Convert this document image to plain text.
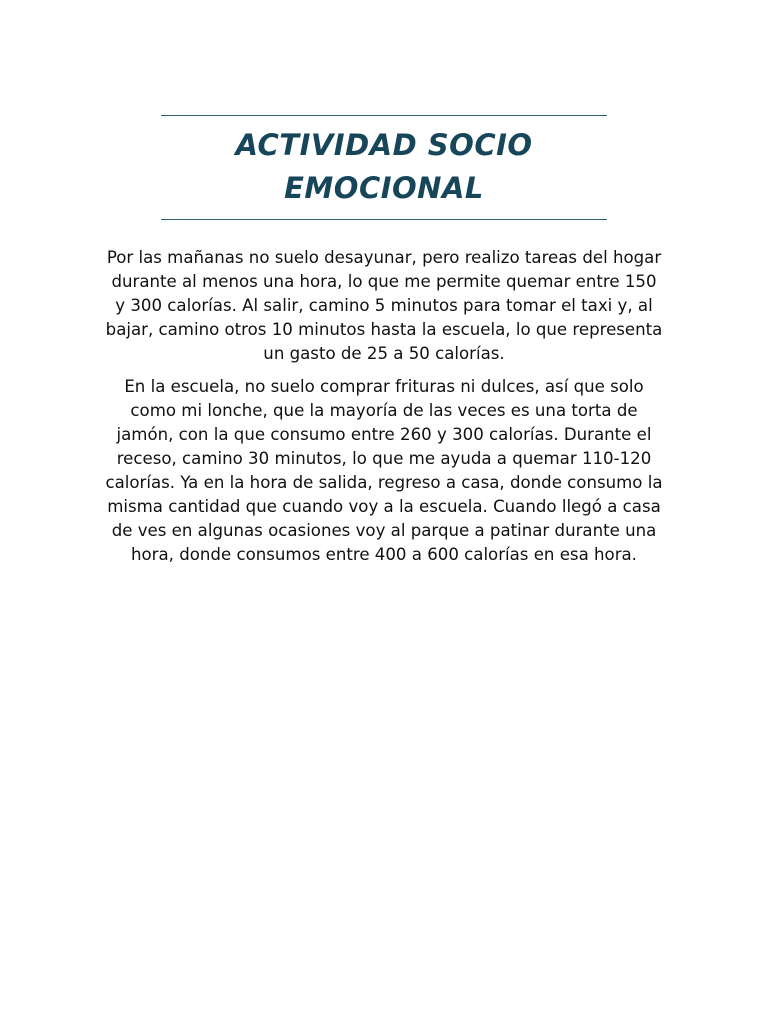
ACTIVIDAD SOCIO
EMOCIONAL

Por las mañanas no suelo desayunar, pero realizo tareas del hogar durante al menos una hora, lo que me permite quemar entre 150 y 300 calorías. Al salir, camino 5 minutos para tomar el taxi y, al bajar, camino otros 10 minutos hasta la escuela, lo que representa un gasto de 25 a 50 calorías.

En la escuela, no suelo comprar frituras ni dulces, así que solo como mi lonche, que la mayoría de las veces es una torta de jamón, con la que consumo entre 260 y 300 calorías. Durante el receso, camino 30 minutos, lo que me ayuda a quemar 110-120 calorías. Ya en la hora de salida, regreso a casa, donde consumo la misma cantidad que cuando voy a la escuela. Cuando llegó a casa de ves en algunas ocasiones voy al parque a patinar durante una hora, donde consumos entre 400 a 600 calorías en esa hora.
